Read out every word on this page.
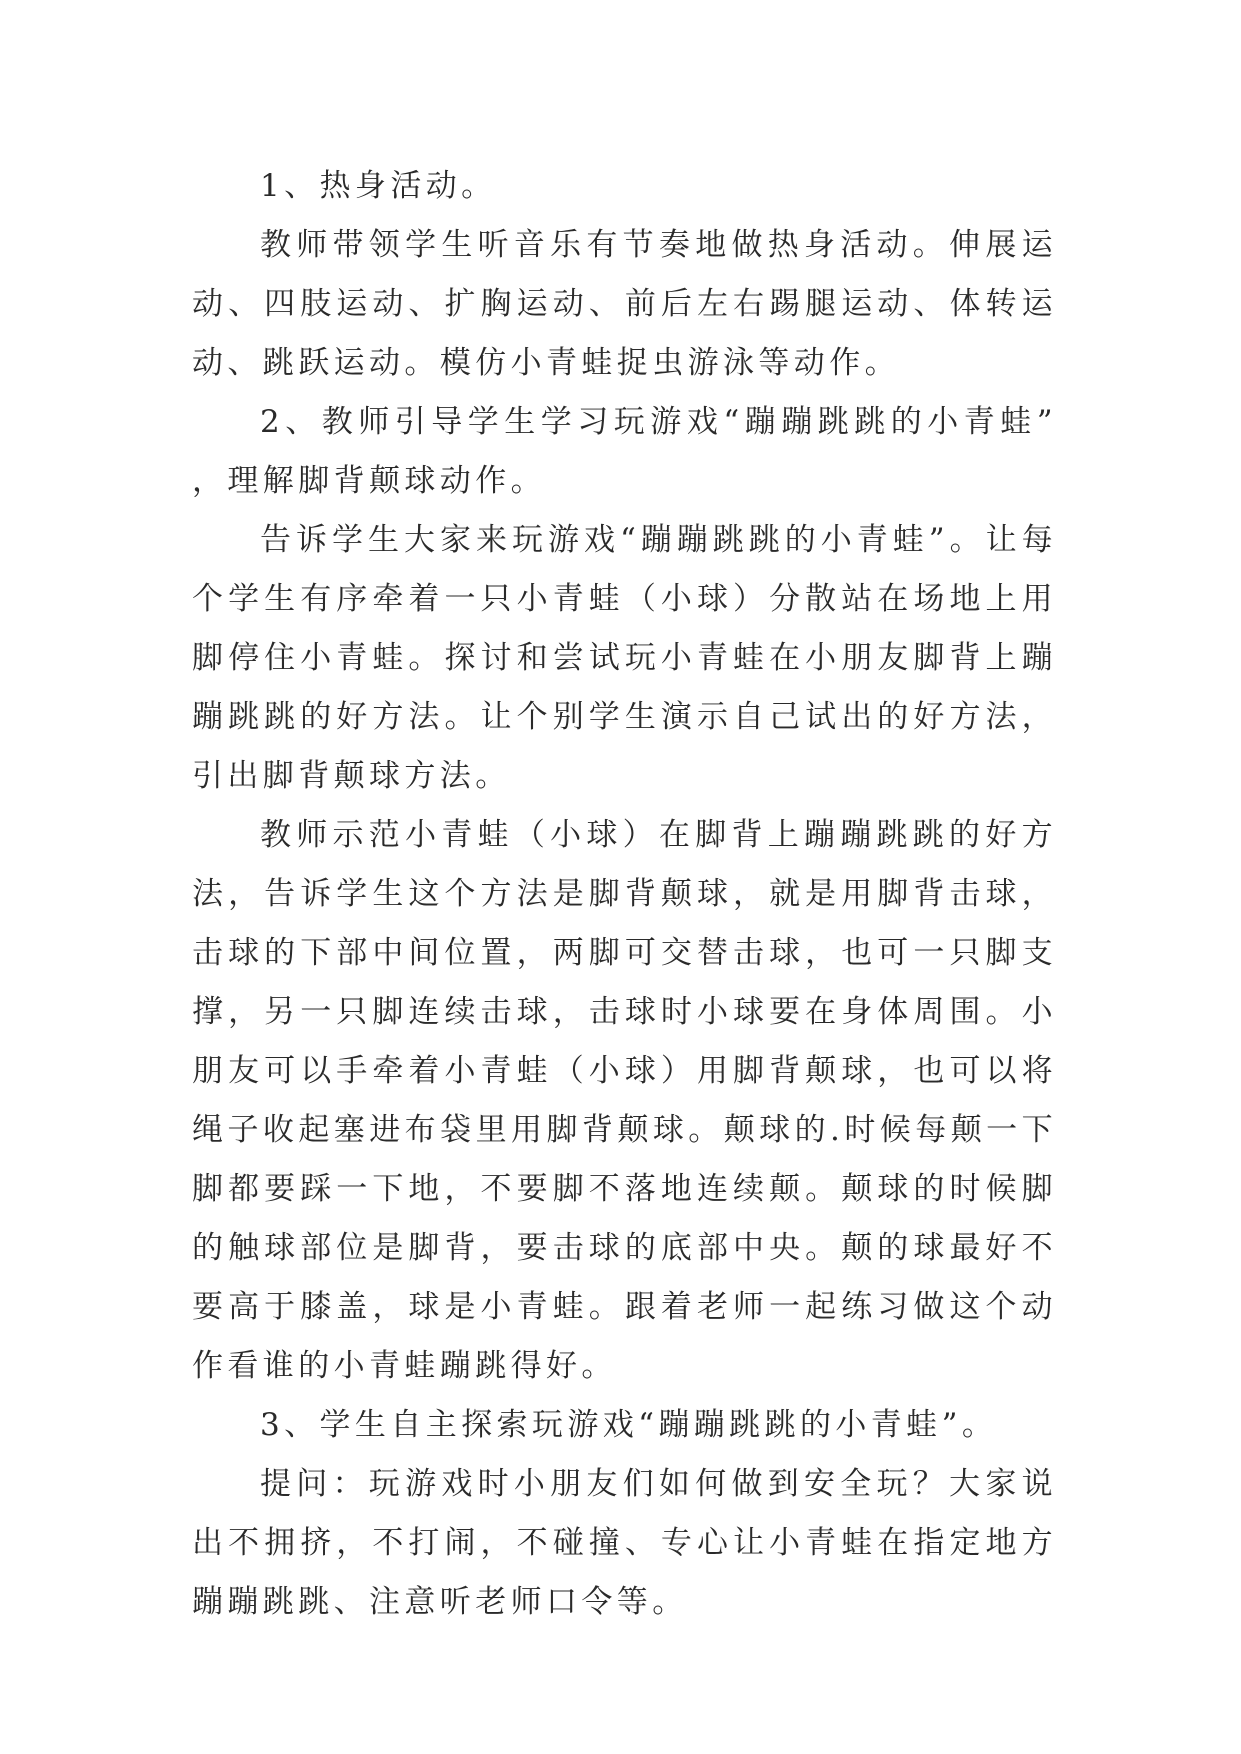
1、热身活动。

教师带领学生听音乐有节奏地做热身活动。伸展运动、四肢运动、扩胸运动、前后左右踢腿运动、体转运动、跳跃运动。模仿小青蛙捉虫游泳等动作。

2、教师引导学生学习玩游戏“蹦蹦跳跳的小青蛙”，理解脚背颠球动作。

告诉学生大家来玩游戏“蹦蹦跳跳的小青蛙”。让每个学生有序牵着一只小青蛙（小球）分散站在场地上用脚停住小青蛙。探讨和尝试玩小青蛙在小朋友脚背上蹦蹦跳跳的好方法。让个别学生演示自己试出的好方法，引出脚背颠球方法。

教师示范小青蛙（小球）在脚背上蹦蹦跳跳的好方法，告诉学生这个方法是脚背颠球，就是用脚背击球，击球的下部中间位置，两脚可交替击球，也可一只脚支撑，另一只脚连续击球，击球时小球要在身体周围。小朋友可以手牵着小青蛙（小球）用脚背颠球，也可以将绳子收起塞进布袋里用脚背颠球。颠球的.时候每颠一下脚都要踩一下地，不要脚不落地连续颠。颠球的时候脚的触球部位是脚背，要击球的底部中央。颠的球最好不要高于膝盖，球是小青蛙。跟着老师一起练习做这个动作看谁的小青蛙蹦跳得好。

3、学生自主探索玩游戏“蹦蹦跳跳的小青蛙”。

提问：玩游戏时小朋友们如何做到安全玩？大家说出不拥挤，不打闹，不碰撞、专心让小青蛙在指定地方蹦蹦跳跳、注意听老师口令等。
